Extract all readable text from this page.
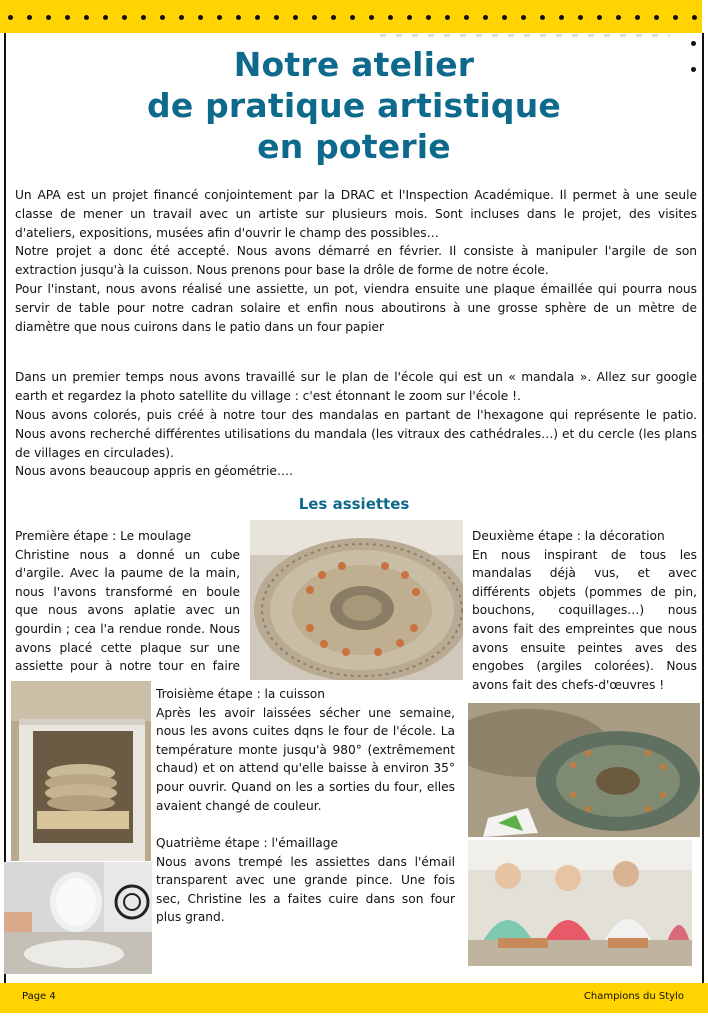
Notre atelier
de pratique artistique
en poterie

Un APA est un projet financé conjointement par la DRAC et l'Inspection Académique. Il permet à une seule classe de mener un travail avec un artiste sur plusieurs mois. Sont incluses dans le projet, des visites d'ateliers, expositions, musées afin d'ouvrir le champ des possibles…

Notre projet a donc été accepté. Nous avons démarré en février. Il consiste à manipuler l'argile de son extraction jusqu'à la cuisson. Nous prenons pour base la drôle de forme de notre école.

Pour l'instant, nous avons réalisé une assiette, un pot, viendra ensuite une plaque émaillée qui pourra nous servir de table pour notre cadran solaire et enfin nous aboutirons à une grosse sphère de un mètre de diamètre que nous cuirons dans le patio dans un four papier

Dans un premier temps nous avons travaillé sur le plan de l'école qui est un « mandala ». Allez sur google earth et regardez la photo satellite du village : c'est étonnant le zoom sur l'école !.

Nous avons colorés, puis créé à notre tour des mandalas en partant de l'hexagone qui représente le patio. Nous avons recherché différentes utilisations du mandala (les vitraux des cathédrales…) et du cercle (les plans de villages en circulades).

Nous avons beaucoup appris en géométrie….

Les assiettes

Première étape : Le moulage

Christine nous a donné un cube d'argile. Avec la paume de la main, nous l'avons transformé en boule que nous avons aplatie avec un gourdin ; cea l'a rendue ronde. Nous avons placé cette plaque sur une assiette pour à notre tour en faire

Deuxième étape : la décoration

En nous inspirant de tous les mandalas déjà vus, et avec différents objets (pommes de pin, bouchons, coquillages…) nous avons fait des empreintes que nous avons ensuite peintes aves des engobes (argiles colorées). Nous avons fait des chefs-d'œuvres !

Troisième étape : la cuisson

Après les avoir laissées sécher une semaine, nous les avons cuites dqns le four de l'école. La température monte jusqu'à 980° (extrêmement chaud) et on attend qu'elle baisse à environ 35° pour ouvrir. Quand on les a sorties du four, elles avaient changé de couleur.

Quatrième étape : l'émaillage

Nous avons trempé les assiettes dans l'émail transparent avec une grande pince. Une fois sec, Christine les a faites cuire dans son four plus grand.

Page 4	Champions du Stylo
